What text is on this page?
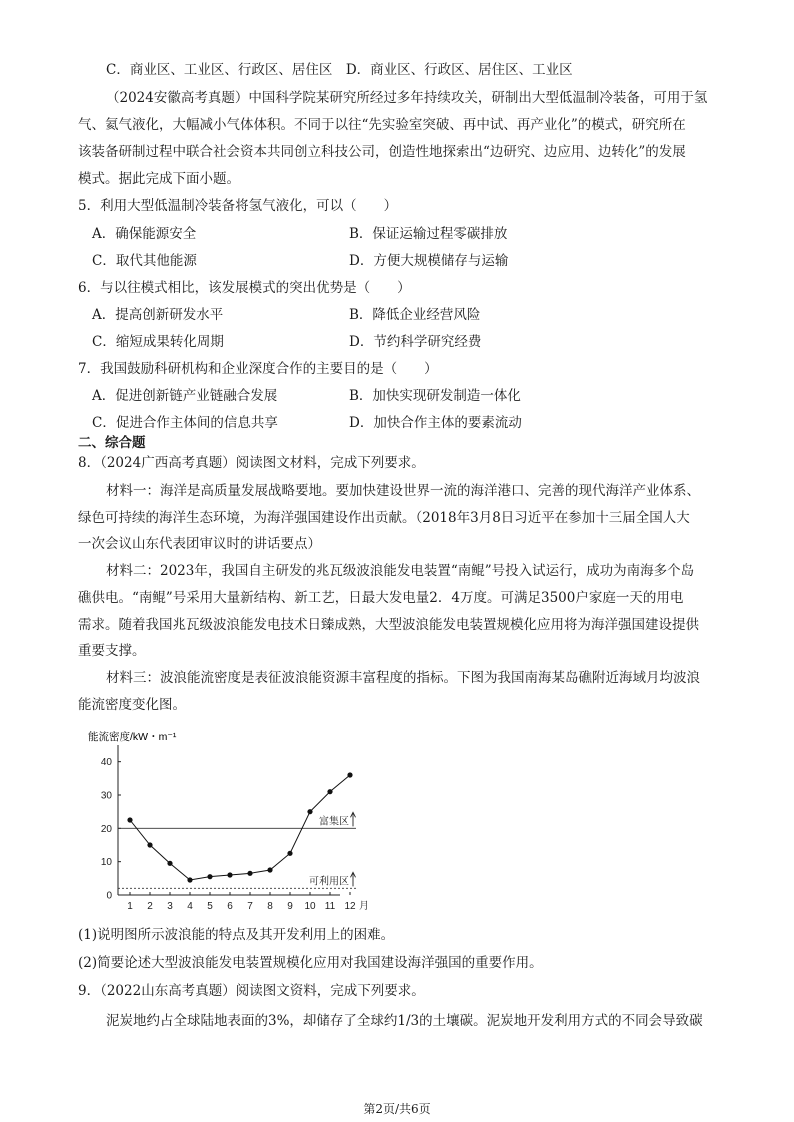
C．商业区、工业区、行政区、居住区　D．商业区、行政区、居住区、工业区
（2024安徽高考真题）中国科学院某研究所经过多年持续攻关，研制出大型低温制冷装备，可用于氢
气、氦气液化，大幅减小气体体积。不同于以往“先实验室突破、再中试、再产业化”的模式，研究所在
该装备研制过程中联合社会资本共同创立科技公司，创造性地探索出“边研究、边应用、边转化”的发展
模式。据此完成下面小题。
5．利用大型低温制冷装备将氢气液化，可以（　　）
A．确保能源安全	B．保证运输过程零碳排放
C．取代其他能源	D．方便大规模储存与运输
6．与以往模式相比，该发展模式的突出优势是（　　）
A．提高创新研发水平	B．降低企业经营风险
C．缩短成果转化周期	D．节约科学研究经费
7．我国鼓励科研机构和企业深度合作的主要目的是（　　）
A．促进创新链产业链融合发展	B．加快实现研发制造一体化
C．促进合作主体间的信息共享	D．加快合作主体的要素流动
二、综合题
8．（2024广西高考真题）阅读图文材料，完成下列要求。
材料一：海洋是高质量发展战略要地。要加快建设世界一流的海洋港口、完善的现代海洋产业体系、
绿色可持续的海洋生态环境，为海洋强国建设作出贡献。（2018年3月8日习近平在参加十三届全国人大
一次会议山东代表团审议时的讲话要点）
材料二：2023年，我国自主研发的兆瓦级波浪能发电装置“南鲲”号投入试运行，成功为南海多个岛
礁供电。“南鲲”号采用大量新结构、新工艺，日最大发电量2．4万度。可满足3500户家庭一天的用电
需求。随着我国兆瓦级波浪能发电技术日臻成熟，大型波浪能发电装置规模化应用将为海洋强国建设提供
重要支撑。
材料三：波浪能流密度是表征波浪能资源丰富程度的指标。下图为我国南海某岛礁附近海域月均波浪
能流密度变化图。
能流密度/kW・m⁻¹
0
10
20
30
40
1 2 3 4 5 6 7 8 9 10 11 12 月
富集区
可利用区
(1)说明图所示波浪能的特点及其开发利用上的困难。
(2)简要论述大型波浪能发电装置规模化应用对我国建设海洋强国的重要作用。
9．（2022山东高考真题）阅读图文资料，完成下列要求。
泥炭地约占全球陆地表面的3%，却储存了全球约1/3的土壤碳。泥炭地开发利用方式的不同会导致碳
第2页/共6页
